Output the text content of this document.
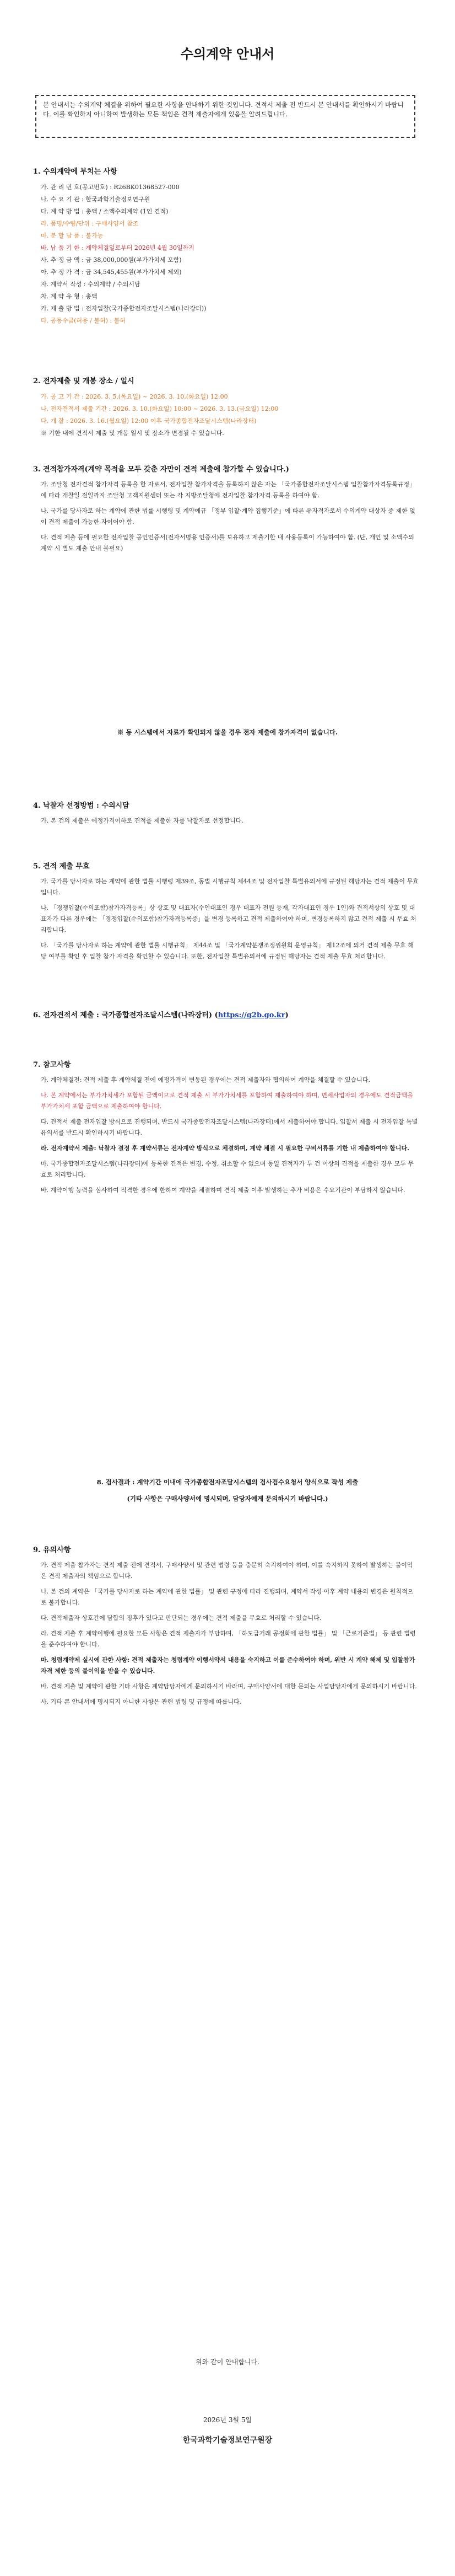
수의계약 안내서
본 안내서는 수의계약 체결을 위하여 필요한 사항을 안내하기 위한 것입니다. 견적서 제출 전 반드시 본 안내서를 확인하시기 바랍니다. 이를 확인하지 아니하여 발생하는 모든 책임은 견적 제출자에게 있음을 알려드립니다.
1. 수의계약에 부치는 사항
가. 관 리 번 호(공고번호) : R26BK01368527-000
나. 수 요 기 관 : 한국과학기술정보연구원
다. 계 약 방 법 : 총액 / 소액수의계약 (1인 견적)
라. 품명/수량/단위 : 구매사양서 참조
마. 분 할 납 품 : 불가능
바. 납 품 기 한 : 계약체결일로부터 2026년 4월 30일까지
사. 추 정 금 액 : 금 38,000,000원(부가가치세 포함)
아. 추 정 가 격 : 금 34,545,455원(부가가치세 제외)
자. 계약서 작성 : 수의계약 / 수의시담
차. 계 약 유 형 : 총액
카. 제 출 방 법 : 전자입찰(국가종합전자조달시스템(나라장터))
타. 공동수급(허용 / 불허) : 불허
2. 전자제출 및 개봉 장소 / 일시
가. 공 고 기 간 : 2026. 3. 5.(목요일) ~ 2026. 3. 10.(화요일) 12:00
나. 전자견적서 제출 기간 : 2026. 3. 10.(화요일) 10:00 ~ 2026. 3. 13.(금요일) 12:00
다. 개 찰 : 2026. 3. 16.(월요일) 12:00 이후 국가종합전자조달시스템(나라장터)
※ 기한 내에 견적서 제출 및 개봉 일시 및 장소가 변경될 수 있습니다.
3. 견적참가자격(계약 목적을 모두 갖춘 자만이 견적 제출에 참가할 수 있습니다.)
가. 조달청 전자견적 참가자격 등록을 한 자로서, 전자입찰 참가자격을 등록하지 않은 자는 「국가종합전자조달시스템 입찰참가자격등록규정」에 따라 개찰일 전일까지 조달청 고객지원센터 또는 각 지방조달청에 전자입찰 참가자격 등록을 하여야 함.
나. 국가를 당사자로 하는 계약에 관한 법률 시행령 및 계약예규 「정부 입찰·계약 집행기준」에 따른 유자격자로서 수의계약 대상자 중 제한 없이 견적 제출이 가능한 자이어야 함.
다. 견적 제출 등에 필요한 전자입찰 공인인증서(전자서명용 인증서)를 보유하고 제출기한 내 사용등록이 가능하여야 함. (단, 개인 및 소액수의계약 시 별도 제출 안내 불필요)
※ 동 시스템에서 자료가 확인되지 않을 경우 전자 제출에 참가자격이 없습니다.
4. 낙찰자 선정방법 : 수의시담
가. 본 건의 제출은 예정가격이하로 견적을 제출한 자를 낙찰자로 선정합니다.
5. 견적 제출 무효
가. 국가를 당사자로 하는 계약에 관한 법률 시행령 제39조, 동법 시행규칙 제44조 및 전자입찰 특별유의서에 규정된 해당자는 견적 제출이 무효입니다.
나. 「경쟁입찰(수의포함)참가자격등록」상 상호 및 대표자(수인대표인 경우 대표자 전원 등재, 각자대표인 경우 1인)와 견적서상의 상호 및 대표자가 다른 경우에는 「경쟁입찰(수의포함)참가자격등록증」을 변경 등록하고 견적 제출하여야 하며, 변경등록하지 않고 견적 제출 시 무효 처리합니다.
다. 「국가를 당사자로 하는 계약에 관한 법률 시행규칙」 제44조 및 「국가계약분쟁조정위원회 운영규칙」 제12조에 의거 견적 제출 무효 해당 여부를 확인 후 입찰 참가 자격을 확인할 수 있습니다. 또한, 전자입찰 특별유의서에 규정된 해당자는 견적 제출 무효 처리합니다.
6. 전자견적서 제출 : 국가종합전자조달시스템(나라장터) (https://g2b.go.kr)
7. 참고사항
가. 계약체결전: 견적 제출 후 계약체결 전에 예정가격이 변동된 경우에는 견적 제출자와 협의하여 계약을 체결할 수 있습니다.
나. 본 계약에서는 부가가치세가 포함된 금액이므로 견적 제출 시 부가가치세를 포함하여 제출하여야 하며, 면세사업자의 경우에도 견적금액을 부가가치세 포함 금액으로 제출하여야 합니다.
다. 견적서 제출 전자입찰 방식으로 진행되며, 반드시 국가종합전자조달시스템(나라장터)에서 제출하여야 합니다. 입찰서 제출 시 전자입찰 특별유의서를 반드시 확인하시기 바랍니다.
라. 전자계약서 제출: 낙찰자 결정 후 계약서류는 전자계약 방식으로 체결하며, 계약 체결 시 필요한 구비서류를 기한 내 제출하여야 합니다.
마. 국가종합전자조달시스템(나라장터)에 등록한 견적은 변경, 수정, 취소할 수 없으며 동일 견적자가 두 건 이상의 견적을 제출한 경우 모두 무효로 처리합니다.
바. 계약이행 능력을 심사하여 적격한 경우에 한하여 계약을 체결하며 견적 제출 이후 발생하는 추가 비용은 수요기관이 부담하지 않습니다.
8. 검사결과 : 계약기간 이내에 국가종합전자조달시스템의 검사검수요청서 양식으로 작성 제출
(기타 사항은 구매사양서에 명시되며, 담당자에게 문의하시기 바랍니다.)
9. 유의사항
가. 견적 제출 참가자는 견적 제출 전에 견적서, 구매사양서 및 관련 법령 등을 충분히 숙지하여야 하며, 이를 숙지하지 못하여 발생하는 불이익은 견적 제출자의 책임으로 합니다.
나. 본 건의 계약은 「국가를 당사자로 하는 계약에 관한 법률」 및 관련 규정에 따라 진행되며, 계약서 작성 이후 계약 내용의 변경은 원칙적으로 불가합니다.
다. 견적제출자 상호간에 담합의 징후가 있다고 판단되는 경우에는 견적 제출을 무효로 처리할 수 있습니다.
라. 견적 제출 후 계약이행에 필요한 모든 사항은 견적 제출자가 부담하며, 「하도급거래 공정화에 관한 법률」 및 「근로기준법」 등 관련 법령을 준수하여야 합니다.
마. 청렴계약제 실시에 관한 사항: 견적 제출자는 청렴계약 이행서약서 내용을 숙지하고 이를 준수하여야 하며, 위반 시 계약 해제 및 입찰참가자격 제한 등의 불이익을 받을 수 있습니다.
바. 견적 제출 및 계약에 관한 기타 사항은 계약담당자에게 문의하시기 바라며, 구매사양서에 대한 문의는 사업담당자에게 문의하시기 바랍니다.
사. 기타 본 안내서에 명시되지 아니한 사항은 관련 법령 및 규정에 따릅니다.
위와 같이 안내합니다.
2026년 3월 5일
한국과학기술정보연구원장
